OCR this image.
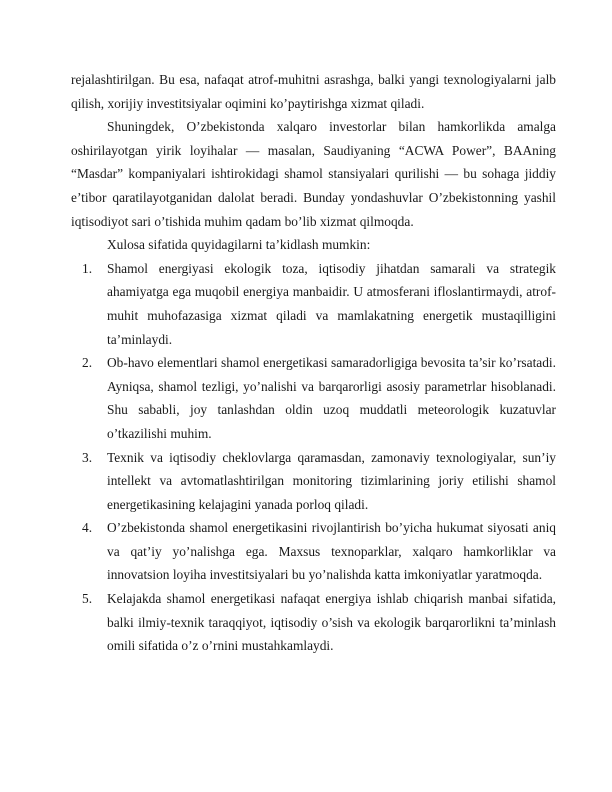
rejalashtirilgan. Bu esa, nafaqat atrof-muhitni asrashga, balki yangi texnologiyalarni jalb qilish, xorijiy investitsiyalar oqimini ko’paytirishga xizmat qiladi.

Shuningdek, O’zbekistonda xalqaro investorlar bilan hamkorlikda amalga oshirilayotgan yirik loyihalar — masalan, Saudiyaning “ACWA Power”, BAAning “Masdar” kompaniyalari ishtirokidagi shamol stansiyalari qurilishi — bu sohaga jiddiy e’tibor qaratilayotganidan dalolat beradi. Bunday yondashuvlar O’zbekistonning yashil iqtisodiyot sari o’tishida muhim qadam bo’lib xizmat qilmoqda.

Xulosa sifatida quyidagilarni ta’kidlash mumkin:

1. Shamol energiyasi ekologik toza, iqtisodiy jihatdan samarali va strategik ahamiyatga ega muqobil energiya manbaidir. U atmosferani ifloslantirmaydi, atrof-muhit muhofazasiga xizmat qiladi va mamlakatning energetik mustaqilligini ta’minlaydi.
2. Ob-havo elementlari shamol energetikasi samaradorligiga bevosita ta’sir ko’rsatadi. Ayniqsa, shamol tezligi, yo’nalishi va barqarorligi asosiy parametrlar hisoblanadi. Shu sababli, joy tanlashdan oldin uzoq muddatli meteorologik kuzatuvlar o’tkazilishi muhim.
3. Texnik va iqtisodiy cheklovlarga qaramasdan, zamonaviy texnologiyalar, sun’iy intellekt va avtomatlashtirilgan monitoring tizimlarining joriy etilishi shamol energetikasining kelajagini yanada porloq qiladi.
4. O’zbekistonda shamol energetikasini rivojlantirish bo’yicha hukumat siyosati aniq va qat’iy yo’nalishga ega. Maxsus texnoparklar, xalqaro hamkorliklar va innovatsion loyiha investitsiyalari bu yo’nalishda katta imkoniyatlar yaratmoqda.
5. Kelajakda shamol energetikasi nafaqat energiya ishlab chiqarish manbai sifatida, balki ilmiy-texnik taraqqiyot, iqtisodiy o’sish va ekologik barqarorlikni ta’minlash omili sifatida o’z o’rnini mustahkamlaydi.
